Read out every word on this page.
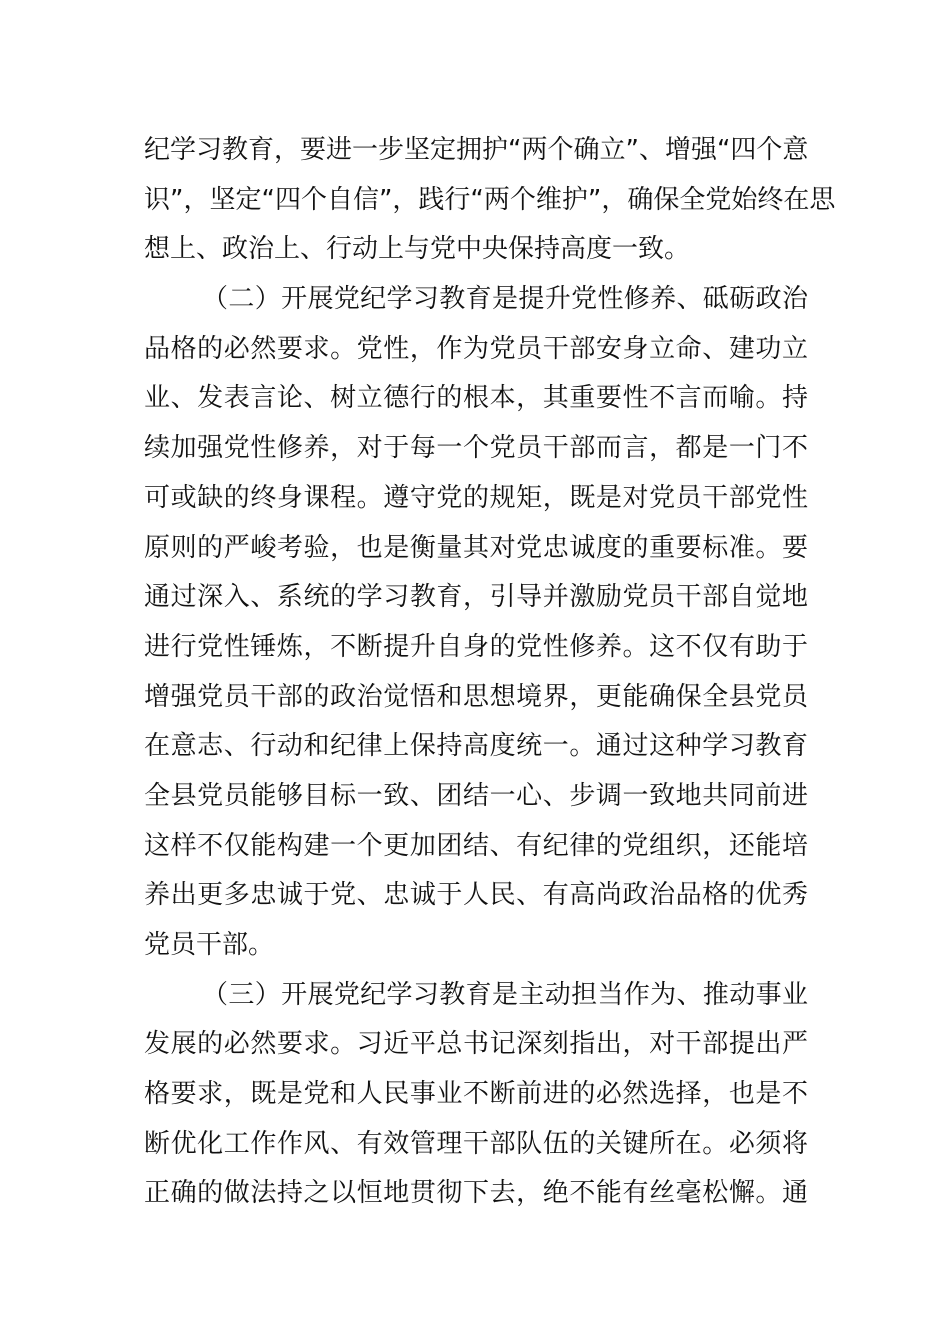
纪学习教育，要进一步坚定拥护“两个确立”、增强“四个意
识”，坚定“四个自信”，践行“两个维护”，确保全党始终在思
想上、政治上、行动上与党中央保持高度一致。
（二）开展党纪学习教育是提升党性修养、砥砺政治
品格的必然要求。党性，作为党员干部安身立命、建功立
业、发表言论、树立德行的根本，其重要性不言而喻。持
续加强党性修养，对于每一个党员干部而言，都是一门不
可或缺的终身课程。遵守党的规矩，既是对党员干部党性
原则的严峻考验，也是衡量其对党忠诚度的重要标准。要
通过深入、系统的学习教育，引导并激励党员干部自觉地
进行党性锤炼，不断提升自身的党性修养。这不仅有助于
增强党员干部的政治觉悟和思想境界，更能确保全县党员
在意志、行动和纪律上保持高度统一。通过这种学习教育
全县党员能够目标一致、团结一心、步调一致地共同前进
这样不仅能构建一个更加团结、有纪律的党组织，还能培
养出更多忠诚于党、忠诚于人民、有高尚政治品格的优秀
党员干部。
（三）开展党纪学习教育是主动担当作为、推动事业
发展的必然要求。习近平总书记深刻指出，对干部提出严
格要求，既是党和人民事业不断前进的必然选择，也是不
断优化工作作风、有效管理干部队伍的关键所在。必须将
正确的做法持之以恒地贯彻下去，绝不能有丝毫松懈。通
